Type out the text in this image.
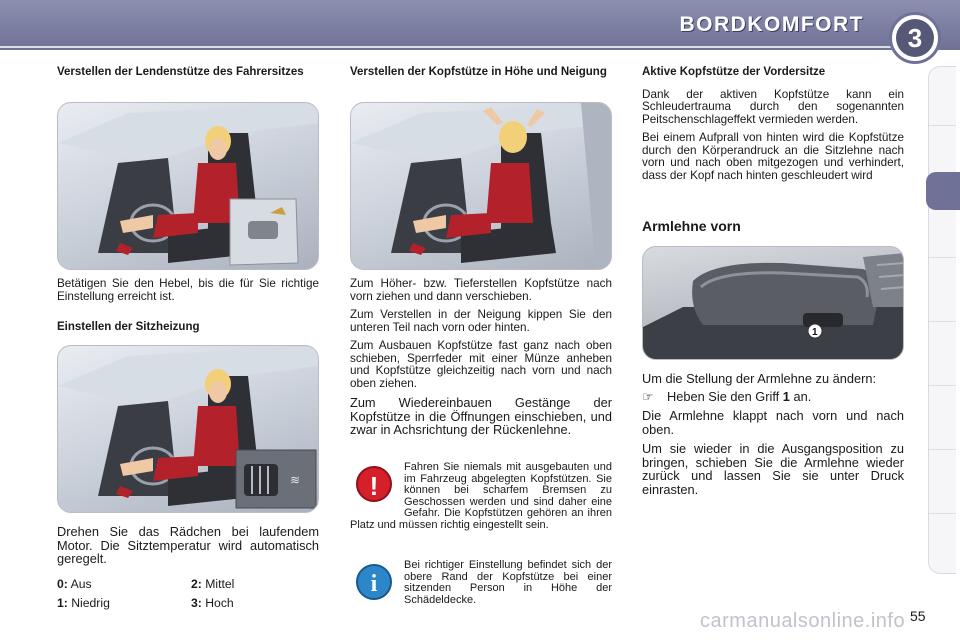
BORDKOMFORT	3
Verstellen der Lendenstütze des Fahrersitzes

Betätigen Sie den Hebel, bis die für Sie richtige Einstellung erreicht ist.

Einstellen der Sitzheizung
≋

Drehen Sie das Rädchen bei laufendem Motor. Die Sitztemperatur wird automatisch geregelt.

0: Aus	2: Mittel
1: Niedrig	3: Hoch
Verstellen der Kopfstütze in Höhe und Neigung

Zum Höher- bzw. Tieferstellen Kopfstütze nach vorn ziehen und dann verschieben.

Zum Verstellen in der Neigung kippen Sie den unteren Teil nach vorn oder hinten.

Zum Ausbauen Kopfstütze fast ganz nach oben schieben, Sperrfeder mit einer Münze anheben und Kopfstütze gleichzeitig nach vorn und nach oben ziehen.

Zum Wiedereinbauen Gestänge der Kopfstütze in die Öffnungen einschieben, und zwar in Achsrichtung der Rückenlehne.

!
Fahren Sie niemals mit ausgebauten und im Fahrzeug abgelegten Kopfstützen. Sie können bei scharfem Bremsen zu Geschossen werden und sind daher eine Gefahr. Die Kopfstützen gehören an ihren Platz und müssen richtig eingestellt sein.
i
Bei richtiger Einstellung befindet sich der obere Rand der Kopfstütze bei einer sitzenden Person in Höhe der Schädeldecke.
Aktive Kopfstütze der Vordersitze

Dank der aktiven Kopfstütze kann ein Schleudertrauma durch den sogenannten Peitschenschlageffekt vermieden werden.

Bei einem Aufprall von hinten wird die Kopfstütze durch den Körperandruck an die Sitzlehne nach vorn und nach oben mitgezogen und verhindert, dass der Kopf nach hinten geschleudert wird

Armlehne vorn
1

Um die Stellung der Armlehne zu ändern:

☞ Heben Sie den Griff 1 an.

Die Armlehne klappt nach vorn und nach oben.

Um sie wieder in die Ausgangsposition zu bringen, schieben Sie die Armlehne wieder zurück und lassen Sie sie unter Druck einrasten.

carmanualsonline.info 55
